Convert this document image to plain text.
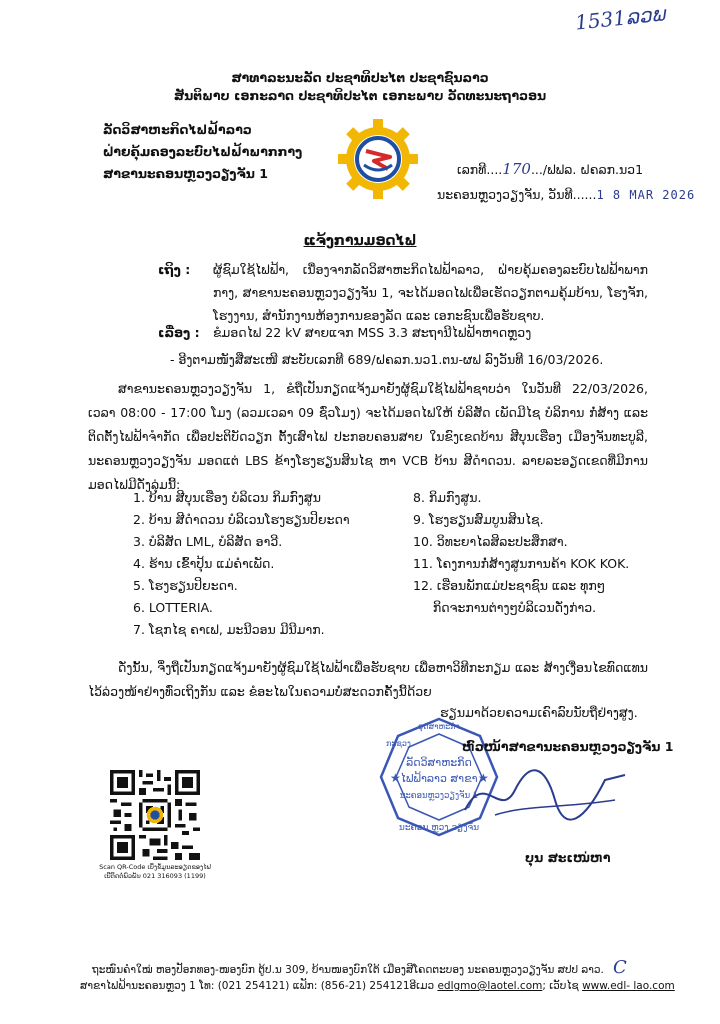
1531ລວພ
ສາທາລະນະລັດ ປະຊາທິປະໄຕ ປະຊາຊົນລາວ
ສັນຕິພາບ ເອກະລາດ ປະຊາທິປະໄຕ ເອກະພາບ ວັດທະນະຖາວອນ
ລັດວິສາຫະກິດໄຟຟ້າລາວ
ຝ່າຍຄຸ້ມຄອງລະບົບໄຟຟ້າພາກກາງ
ສາຂານະຄອນຫຼວງວຽງຈັນ 1	ເລກທີ....170.../ຟຟລ. ຝຄລກ.ນວ1
ນະຄອນຫຼວງວຽງຈັນ, ວັນທີ......1 8 MAR 2026
ແຈ້ງການມອດໄຟ
ເຖິງ : ຜູ້ຊົມໃຊ້ໄຟຟ້າ, ເນື່ອງຈາກລັດວິສາຫະກິດໄຟຟ້າລາວ, ຝ່າຍຄຸ້ມຄອງລະບົບໄຟຟ້າພາກກາງ, ສາຂານະຄອນຫຼວງວຽງຈັນ 1, ຈະໄດ້ມອດໄຟເພື່ອເຮັດວຽກຕາມຄຸ້ມບ້ານ, ໂຮງຈັກ, ໂຮງງານ, ສຳນັກງານຫ້ອງການຂອງລັດ ແລະ ເອກະຊົນເພື່ອຮັບຊາບ.
ເລື່ອງ : ຂໍມອດໄຟ 22 kV ສາຍແຈກ MSS 3.3 ສະຖານີໄຟຟ້າຫາດຫຼວງ
- ອີງຕາມໜັງສືສະເໜີ ສະບັບເລກທີ 689/ຝຄລກ.ນວ1.ຕນ-ຜຟ ລົງວັນທີ 16/03/2026.
ສາຂານະຄອນຫຼວງວຽງຈັນ 1, ຂໍຖືເປັນກຽດແຈ້ງມາຍັງຜູ້ຊົມໃຊ້ໄຟຟ້າຊາບວ່າ ໃນວັນທີ 22/03/2026, ເວລາ 08:00 - 17:00 ໂມງ (ລວມເວລາ 09 ຊົ່ວໂມງ) ຈະໄດ້ມອດໄຟໃຫ້ ບໍລິສັດ ເພັດມີໄຊ ບໍລິການ ກໍ່ສ້າງ ແລະ ຕິດຕັ້ງໄຟຟ້າຈຳກັດ ເພື່ອປະຕິບັດວຽກ ຕັ້ງເສົາໄຟ ປະກອບຄອນສາຍ ໃນຂົງເຂດບ້ານ ສີບຸນເຮືອງ ເມືອງຈັນທະບູລີ, ນະຄອນຫຼວງວຽງຈັນ ມອດແຕ່ LBS ຂ້າງໂຮງຮຽນສິນໄຊ ຫາ VCB ບ້ານ ສີດຳດວນ. ລາຍລະອຽດເຂດທີ່ມີການມອດໄຟມີດັ່ງລຸ່ມນີ້:
1. ບ້ານ ສີບຸນເຮືອງ ບໍລິເວນ ກິມກົງສູນ
2. ບ້ານ ສີດຳດວນ ບໍລິເວນໂຮງຮຽນປິຍະດາ
3. ບໍລິສັດ LML, ບໍລິສັດ ອາວີ.
4. ຮ້ານ ເຂົ້າປຸ້ນ ແມ່ຄຳເພັດ.
5. ໂຮງຮຽນປິຍະດາ.
6. LOTTERIA.
7. ໂຊກໄຊ ຄາເຟ, ມະນີວອນ ມີນີມາກ.
8. ກິມກົງສູນ.
9. ໂຮງຮຽນສົມບູນສິນໄຊ.
10. ວິທະຍາໄລສິລະປະສຶກສາ.
11. ໂຄງການກໍ່ສ້າງສູນການຄ້າ KOK KOK.
12. ເຮືອນພັກແມ່ປະຊາຊົນ ແລະ ທຸກໆ
ກິດຈະການຕ່າງໆບໍລິເວນດັ່ງກ່າວ.
ດັ່ງນັ້ນ, ຈຶ່ງຖືເປັນກຽດແຈ້ງມາຍັງຜູ້ຊົມໃຊ້ໄຟຟ້າເພື່ອຮັບຊາບ ເພື່ອຫາວິທີກະກຽມ ແລະ ສ້າງເງື່ອນໄຂທົດແທນໄວ້ລ່ວງໜ້າຢ່າງທົ່ວເຖິງກັນ ແລະ ຂໍອະໄພໃນຄວາມບໍ່ສະດວກຄັ້ງນີ້ດ້ວຍ
ຮຽນມາດ້ວຍຄວາມເຄົາລົບນັບຖືຢ່າງສູງ.
ອຸດສາຫະກຳ
ກະຊວງ
ລັດວິສາຫະກິດ
ໄຟຟ້າລາວ ສາຂາ
ນະຄອນຫຼວງວຽງຈັນ 1
ນະຄອນ ຫຼວງ ວຽງຈັນ
★	★
ຫົວໜ້າສາຂານະຄອນຫຼວງວຽງຈັນ 1
ບຸນ ສະເໜ່ຫາ
Scan QR-Code ເບິ່ງຂໍ້ມູນລະອຽດຂອງໄຟ
ເບີຕິດຕໍ່ພົວພັນ 021 316093 (1199)
ຖະໜົນຄຳໃໝ່ ຫອງປັອກທອງ-ໜອງບົກ ຕູ້ປ.ນ 309, ບ້ານໜອງບົກໃຕ້ ເມືອງສີໂຄດຕະບອງ ນະຄອນຫຼວງວຽງຈັນ ສປປ ລາວ.
ສາຂາໄຟຟ້ານະຄອນຫຼວງ 1 ໂທ: (021 254121) ແຟັກ: (856-21) 254121ອີເມວ edlgmo@laotel.com; ເວັບໄຊ www.edl- lao.com
C
